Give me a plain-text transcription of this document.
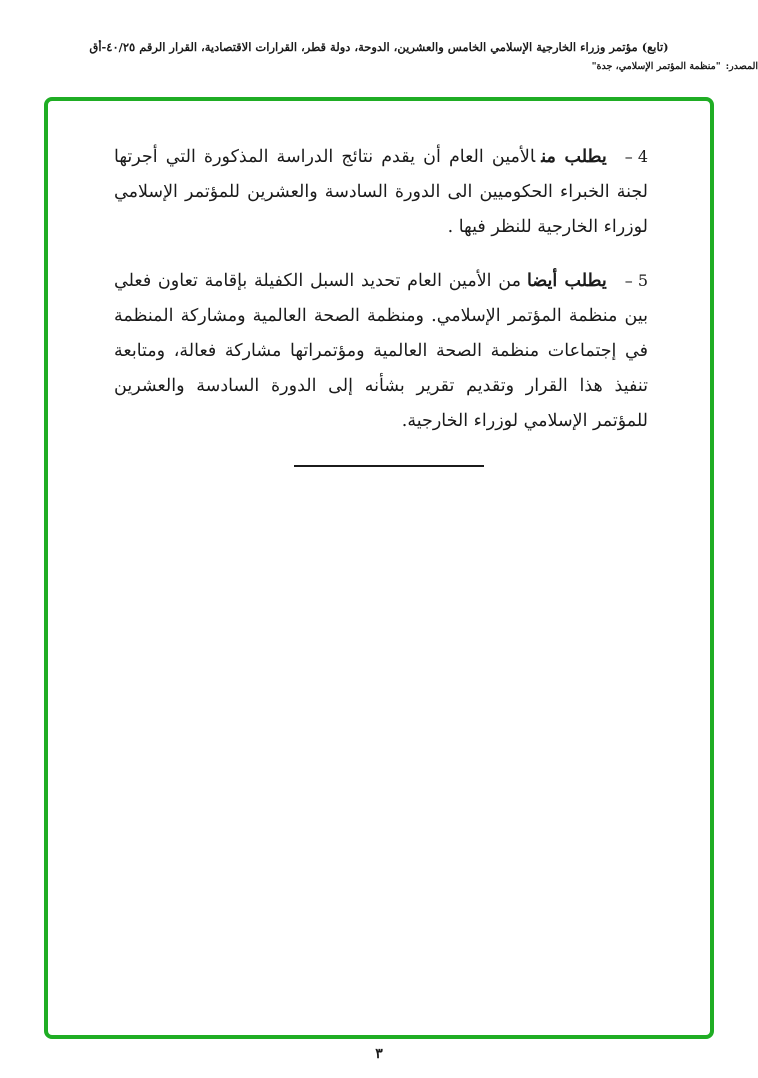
(تابع) مؤتمر وزراء الخارجية الإسلامي الخامس والعشرين، الدوحة، دولة قطر، القرارات الاقتصادية، القرار الرقم ٤٠/٢٥-أق
المصدر:"منظمة المؤتمر الإسلامي، جدة"

4 –يطلب منالأمين العام أن يقدم نتائج الدراسة المذكورة التي أجرتها لجنة الخبراء الحكوميين الى الدورة السادسة والعشرين للمؤتمر الإسلامي لوزراء الخارجية للنظر فيها .

5 –يطلب أيضامن الأمين العام تحديد السبل الكفيلة بإقامة تعاون فعلي بين منظمة المؤتمر الإسلامي. ومنظمة الصحة العالمية ومشاركة المنظمة في إجتماعات منظمة الصحة العالمية ومؤتمراتها مشاركة فعالة، ومتابعة تنفيذ هذا القرار وتقديم تقرير بشأنه إلى الدورة السادسة والعشرين للمؤتمر الإسلامي لوزراء الخارجية.

٣
